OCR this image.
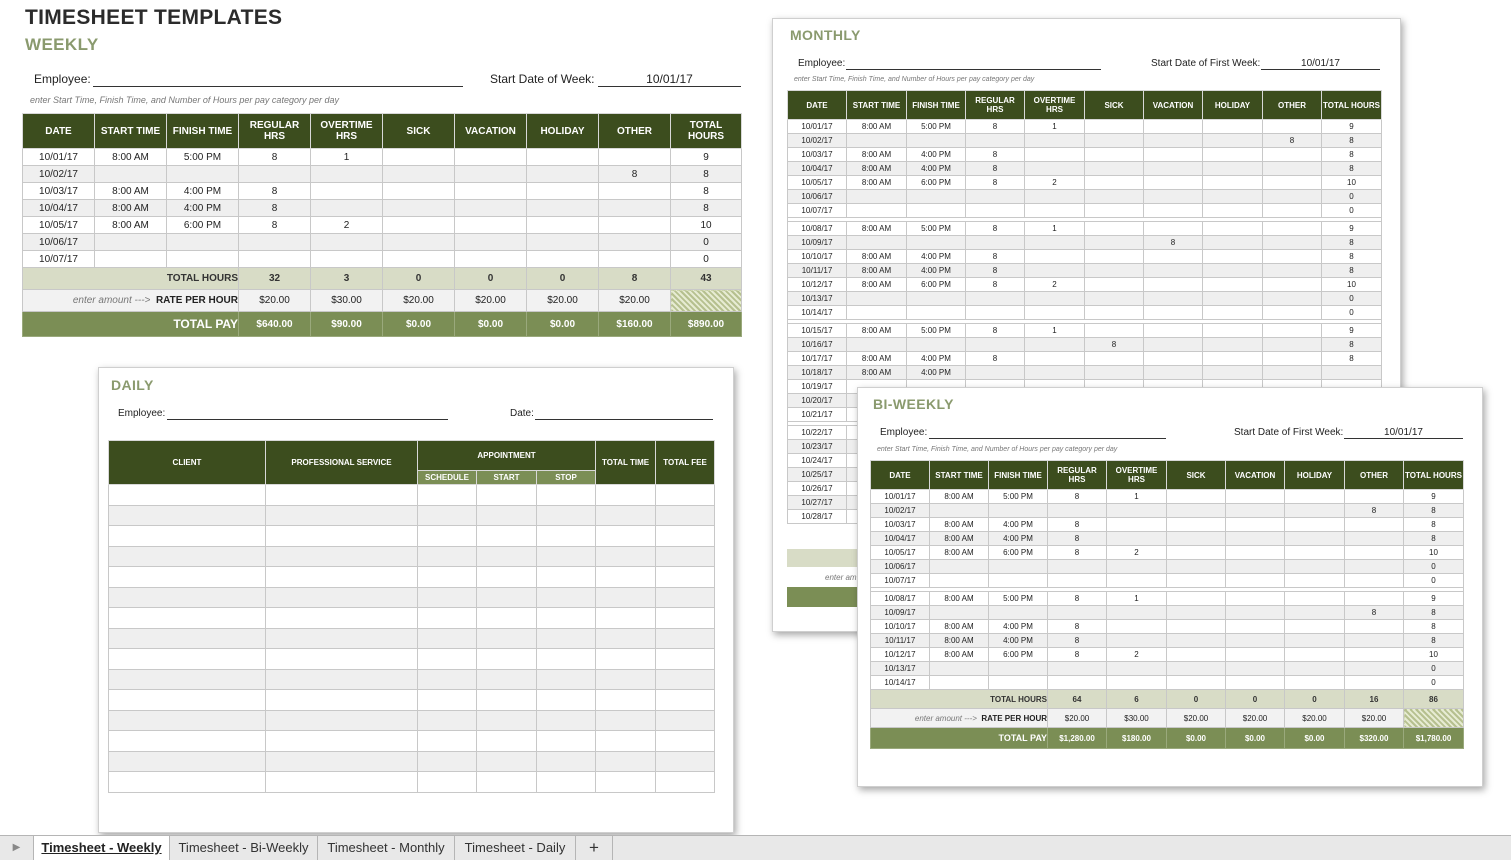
TIMESHEET TEMPLATES
WEEKLY
Employee:	Start Date of Week:	10/01/17
enter Start Time, Finish Time, and Number of Hours per pay category per day
DATE	START TIME	FINISH TIME	REGULAR HRS	OVERTIME HRS	SICK	VACATION	HOLIDAY	OTHER	TOTAL HOURS
10/01/17	8:00 AM	5:00 PM	8	1					9
10/02/17								8	8
10/03/17	8:00 AM	4:00 PM	8						8
10/04/17	8:00 AM	4:00 PM	8						8
10/05/17	8:00 AM	6:00 PM	8	2					10
10/06/17									0
10/07/17									0
TOTAL HOURS			32	3	0	0	0	8	43
enter amount ---> RATE PER HOUR			$20.00	$30.00	$20.00	$20.00	$20.00	$20.00	
TOTAL PAY			$640.00	$90.00	$0.00	$0.00	$0.00	$160.00	$890.00
MONTHLY
Employee:	Start Date of First Week:	10/01/17
enter Start Time, Finish Time, and Number of Hours per pay category per day
DATE	START TIME	FINISH TIME	REGULAR HRS	OVERTIME HRS	SICK	VACATION	HOLIDAY	OTHER	TOTAL HOURS
10/01/17	8:00 AM	5:00 PM	8	1					9
10/02/17								8	8
10/03/17	8:00 AM	4:00 PM	8						8
10/04/17	8:00 AM	4:00 PM	8						8
10/05/17	8:00 AM	6:00 PM	8	2					10
10/06/17									0
10/07/17									0

10/08/17	8:00 AM	5:00 PM	8	1					9
10/09/17						8			8
10/10/17	8:00 AM	4:00 PM	8						8
10/11/17	8:00 AM	4:00 PM	8						8
10/12/17	8:00 AM	6:00 PM	8	2					10
10/13/17									0
10/14/17									0

10/15/17	8:00 AM	5:00 PM	8	1					9
10/16/17					8				8
10/17/17	8:00 AM	4:00 PM	8						8
10/18/17	8:00 AM	4:00 PM							
10/19/17									
10/20/17									
10/21/17									

10/22/17									
10/23/17									
10/24/17									
10/25/17									
10/26/17									
10/27/17									
10/28/17									
enter am
DAILY
Employee:	Date:
CLIENT	PROFESSIONAL SERVICE	APPOINTMENT			TOTAL TIME	TOTAL FEE
		SCHEDULE	START	STOP		

BI-WEEKLY
Employee:	Start Date of First Week:	10/01/17
enter Start Time, Finish Time, and Number of Hours per pay category per day
DATE	START TIME	FINISH TIME	REGULAR HRS	OVERTIME HRS	SICK	VACATION	HOLIDAY	OTHER	TOTAL HOURS
10/01/17	8:00 AM	5:00 PM	8	1					9
10/02/17								8	8
10/03/17	8:00 AM	4:00 PM	8						8
10/04/17	8:00 AM	4:00 PM	8						8
10/05/17	8:00 AM	6:00 PM	8	2					10
10/06/17									0
10/07/17									0

10/08/17	8:00 AM	5:00 PM	8	1					9
10/09/17								8	8
10/10/17	8:00 AM	4:00 PM	8						8
10/11/17	8:00 AM	4:00 PM	8						8
10/12/17	8:00 AM	6:00 PM	8	2					10
10/13/17									0
10/14/17									0
TOTAL HOURS			64	6	0	0	0	16	86
enter amount ---> RATE PER HOUR			$20.00	$30.00	$20.00	$20.00	$20.00	$20.00	
TOTAL PAY			$1,280.00	$180.00	$0.00	$0.00	$0.00	$320.00	$1,780.00
▶	Timesheet - Weekly	Timesheet - Bi-Weekly	Timesheet - Monthly	Timesheet - Daily	+
